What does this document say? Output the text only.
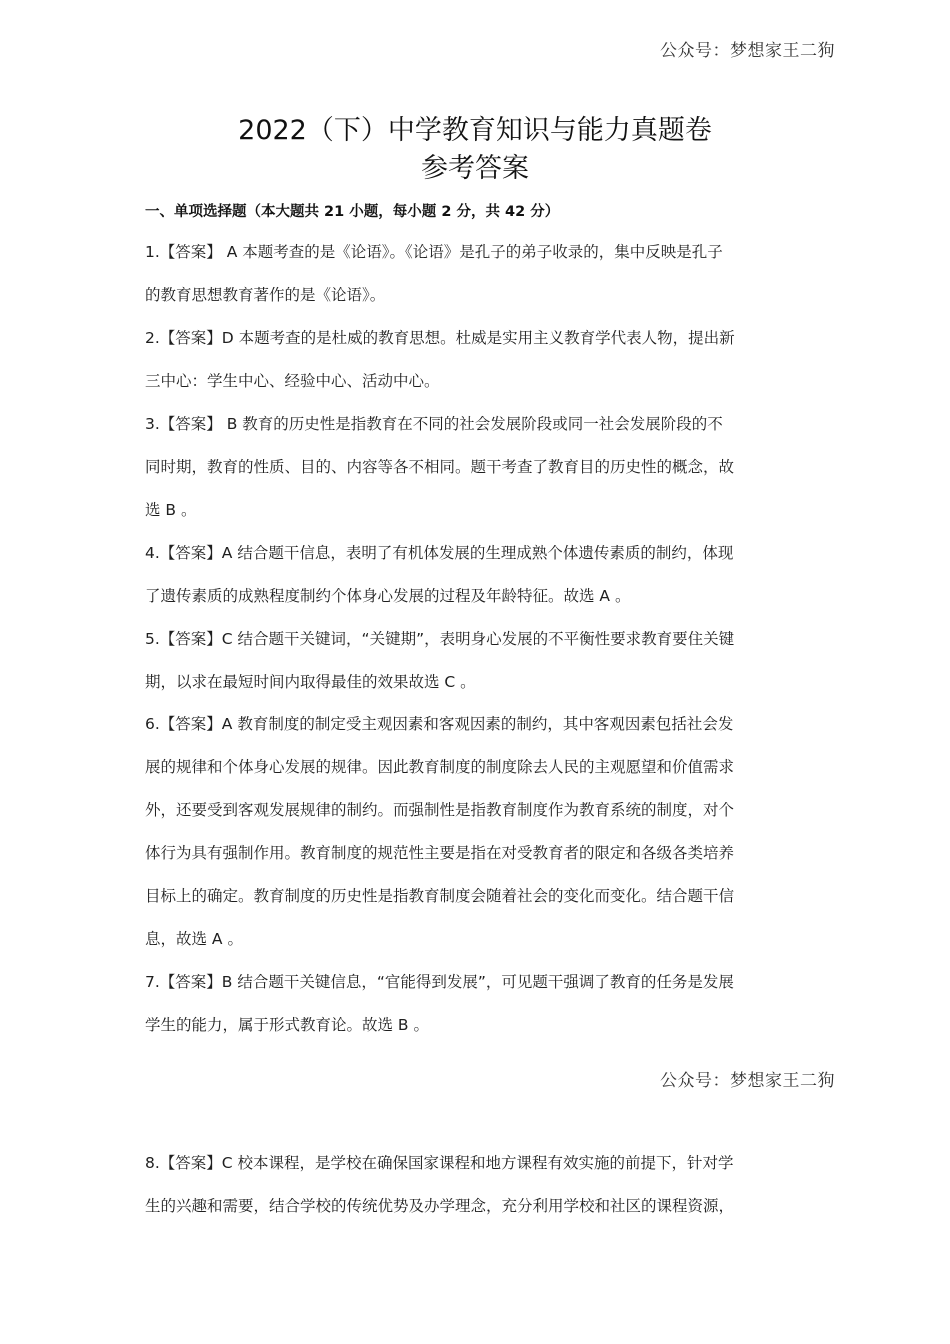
公众号：梦想家王二狗
2022（下）中学教育知识与能力真题卷
参考答案
一、单项选择题（本大题共 21 小题，每小题 2 分，共 42 分）
1.【答案】 A 本题考查的是《论语》。《论语》是孔子的弟子收录的，集中反映是孔子
的教育思想教育著作的是《论语》。
2.【答案】D 本题考查的是杜威的教育思想。杜威是实用主义教育学代表人物，提出新
三中心：学生中心、经验中心、活动中心。
3.【答案】 B 教育的历史性是指教育在不同的社会发展阶段或同一社会发展阶段的不
同时期，教育的性质、目的、内容等各不相同。题干考查了教育目的历史性的概念，故
选 B 。
4.【答案】A 结合题干信息，表明了有机体发展的生理成熟个体遗传素质的制约，体现
了遗传素质的成熟程度制约个体身心发展的过程及年龄特征。故选 A 。
5.【答案】C 结合题干关键词，“关键期”，表明身心发展的不平衡性要求教育要住关键
期，以求在最短时间内取得最佳的效果故选 C 。
6.【答案】A 教育制度的制定受主观因素和客观因素的制约，其中客观因素包括社会发
展的规律和个体身心发展的规律。因此教育制度的制度除去人民的主观愿望和价值需求
外，还要受到客观发展规律的制约。而强制性是指教育制度作为教育系统的制度，对个
体行为具有强制作用。教育制度的规范性主要是指在对受教育者的限定和各级各类培养
目标上的确定。教育制度的历史性是指教育制度会随着社会的变化而变化。结合题干信
息，故选 A 。
7.【答案】B 结合题干关键信息，“官能得到发展”，可见题干强调了教育的任务是发展
学生的能力，属于形式教育论。故选 B 。
公众号：梦想家王二狗
8.【答案】C 校本课程，是学校在确保国家课程和地方课程有效实施的前提下，针对学
生的兴趣和需要，结合学校的传统优势及办学理念，充分利用学校和社区的课程资源，
